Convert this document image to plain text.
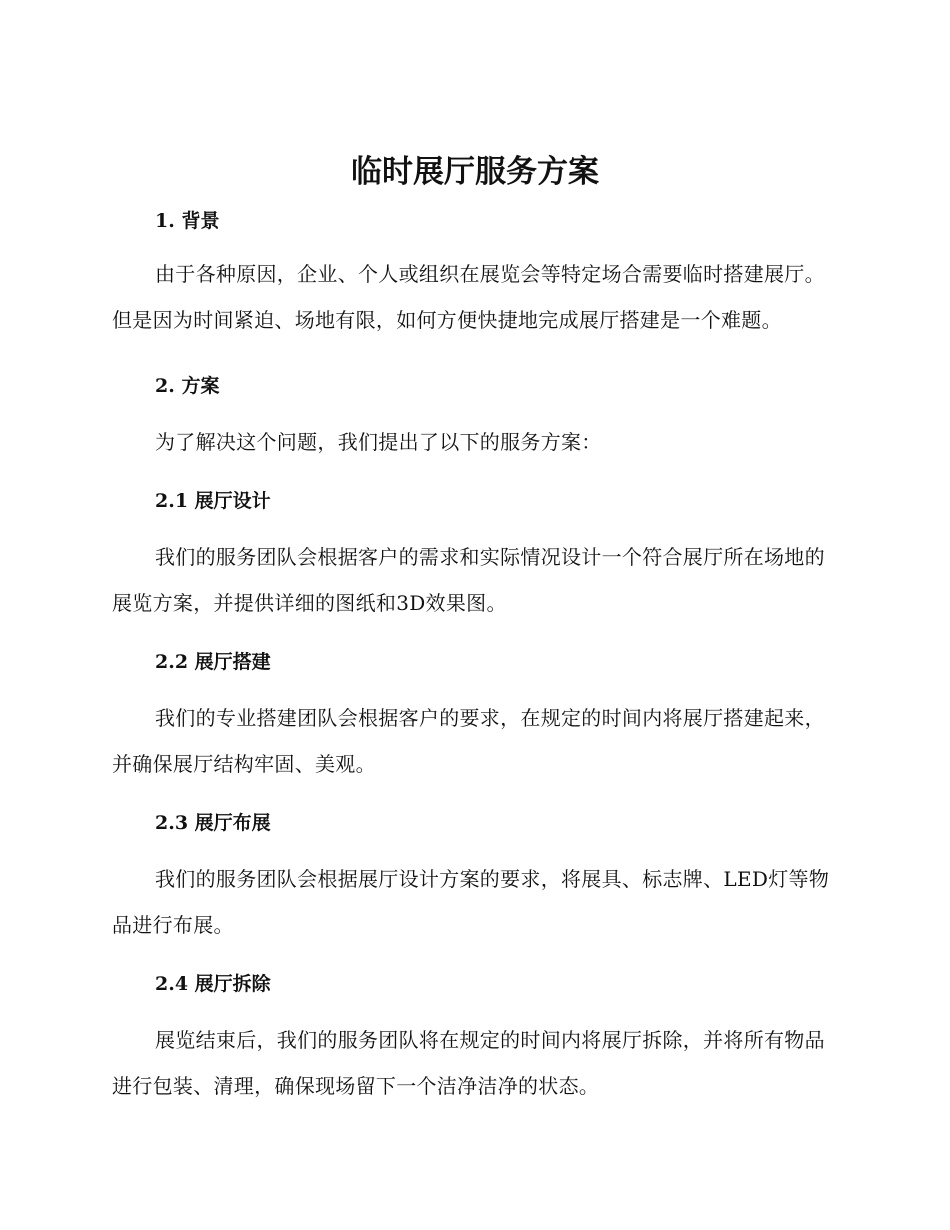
临时展厅服务方案
1. 背景

由于各种原因，企业、个人或组织在展览会等特定场合需要临时搭建展厅。但是因为时间紧迫、场地有限，如何方便快捷地完成展厅搭建是一个难题。

2. 方案

为了解决这个问题，我们提出了以下的服务方案：

2.1 展厅设计

我们的服务团队会根据客户的需求和实际情况设计一个符合展厅所在场地的展览方案，并提供详细的图纸和3D效果图。

2.2 展厅搭建

我们的专业搭建团队会根据客户的要求，在规定的时间内将展厅搭建起来，并确保展厅结构牢固、美观。

2.3 展厅布展

我们的服务团队会根据展厅设计方案的要求，将展具、标志牌、LED灯等物品进行布展。

2.4 展厅拆除

展览结束后，我们的服务团队将在规定的时间内将展厅拆除，并将所有物品进行包装、清理，确保现场留下一个洁净洁净的状态。
